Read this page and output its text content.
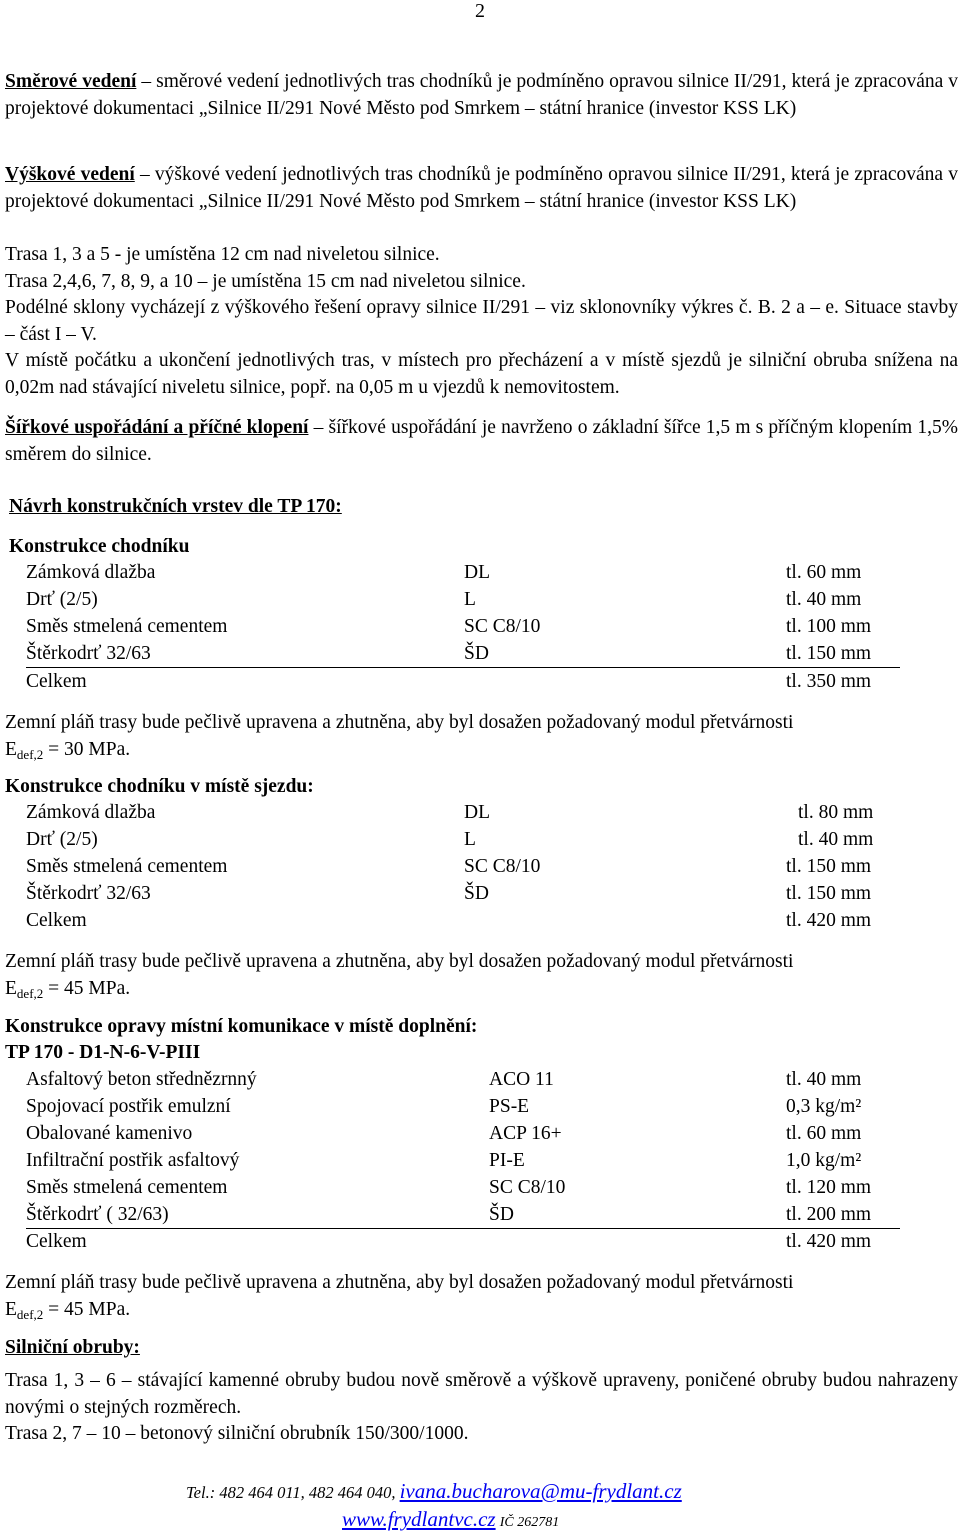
2
Směrové vedení – směrové vedení jednotlivých tras chodníků je podmíněno opravou silnice II/291, která je zpracována v projektové dokumentaci „Silnice II/291 Nové Město pod Smrkem – státní hranice (investor KSS LK)
Výškové vedení – výškové vedení jednotlivých tras chodníků je podmíněno opravou silnice II/291, která je zpracována v projektové dokumentaci „Silnice II/291 Nové Město pod Smrkem – státní hranice (investor KSS LK)
Trasa 1, 3 a 5 - je umístěna 12 cm nad niveletou silnice.
Trasa 2,4,6, 7, 8, 9, a 10 – je umístěna 15 cm nad niveletou silnice.
Podélné sklony vycházejí z výškového řešení opravy silnice II/291 – viz sklonovníky výkres č. B. 2 a – e. Situace stavby – část I – V.
V místě počátku a ukončení jednotlivých tras, v místech pro přecházení a v místě sjezdů je silniční obruba snížena na 0,02m nad stávající niveletu silnice, popř. na 0,05 m u vjezdů k nemovitostem.
Šířkové uspořádání a příčné klopení – šířkové uspořádání je navrženo o základní šířce 1,5 m s příčným klopením 1,5% směrem do silnice.
Návrh konstrukčních vrstev dle TP 170:
Konstrukce chodníku
Zámková dlažba	DL	tl. 60 mm
Drť (2/5)	L	tl. 40 mm
Směs stmelená cementem	SC C8/10	tl. 100 mm
Štěrkodrť 32/63	ŠD	tl. 150 mm
Celkem	tl. 350 mm
Zemní pláň trasy bude pečlivě upravena a zhutněna, aby byl dosažen požadovaný modul přetvárnosti
$E_{def,2} = 30$ MPa.
Konstrukce chodníku v místě sjezdu:
Zámková dlažba	DL	tl. 80 mm
Drť (2/5)	L	tl. 40 mm
Směs stmelená cementem	SC C8/10	tl. 150 mm
Štěrkodrť 32/63	ŠD	tl. 150 mm
Celkem	tl. 420 mm
Zemní pláň trasy bude pečlivě upravena a zhutněna, aby byl dosažen požadovaný modul přetvárnosti
$E_{def,2} = 45$ MPa.
Konstrukce opravy místní komunikace v místě doplnění:
TP 170 - D1-N-6-V-PIII
Asfaltový beton střednězrnný	ACO 11	tl. 40 mm
Spojovací postřik emulzní	PS-E	0,3 kg/m²
Obalované kamenivo	ACP 16+	tl. 60 mm
Infiltrační postřik asfaltový	PI-E	1,0 kg/m²
Směs stmelená cementem	SC C8/10	tl. 120 mm
Štěrkodrť ( 32/63)	ŠD	tl. 200 mm
Celkem	tl. 420 mm
Zemní pláň trasy bude pečlivě upravena a zhutněna, aby byl dosažen požadovaný modul přetvárnosti
$E_{def,2} = 45$ MPa.
Silniční obruby:
Trasa 1, 3 – 6 – stávající kamenné obruby budou nově směrově a výškově upraveny, poničené obruby budou nahrazeny novými o stejných rozměrech.
Trasa 2, 7 – 10 – betonový silniční obrubník 150/300/1000.
Tel.: 482 464 011, 482 464 040, ivana.bucharova@mu-frydlant.cz
www.frydlantvc.cz IČ 262781
